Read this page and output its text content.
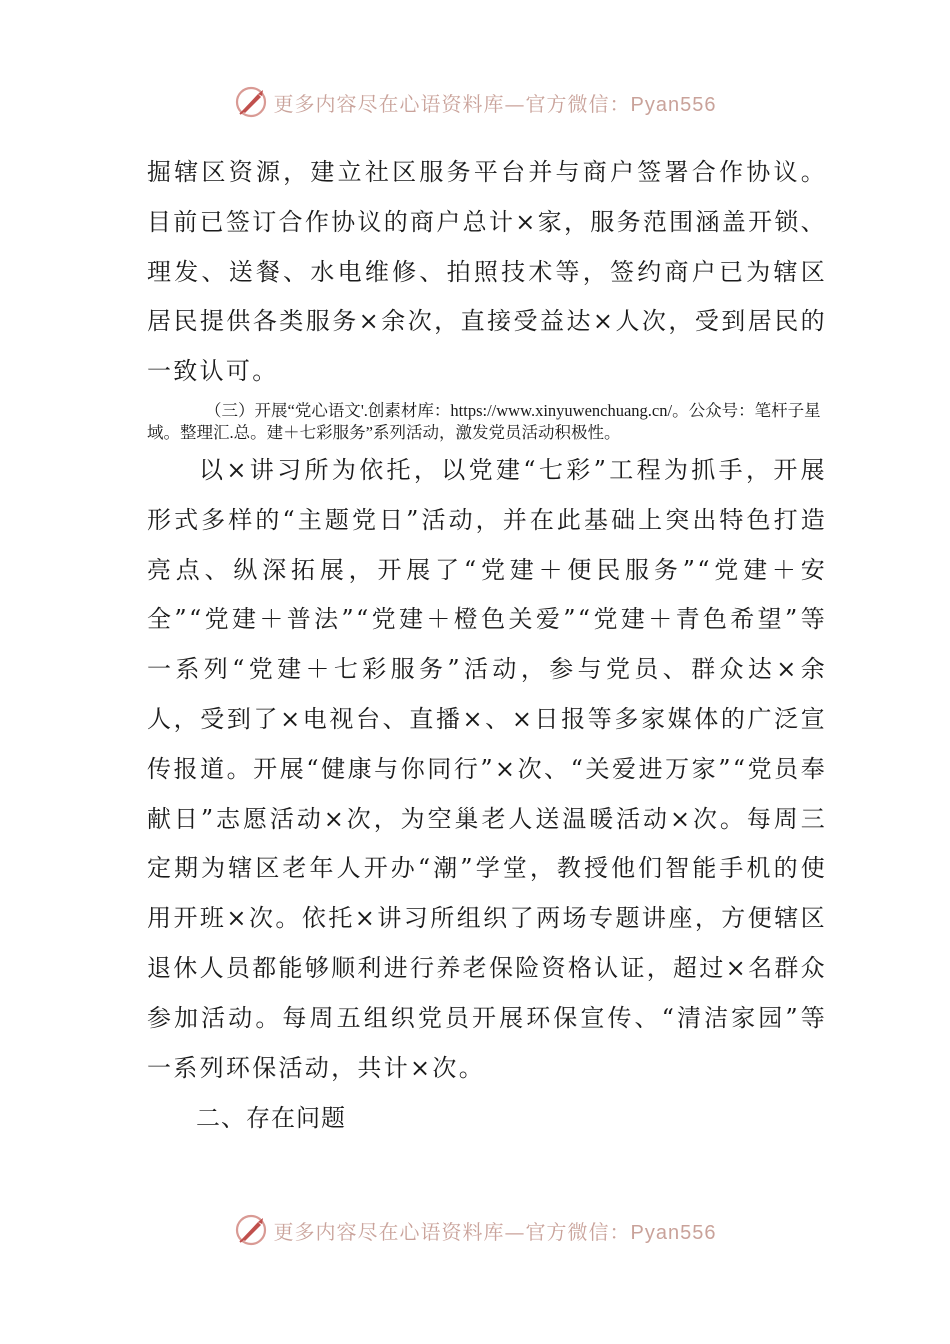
更多内容尽在心语资料库—官方微信：Pyan556

掘辖区资源，建立社区服务平台并与商户签署合作协议。目前已签订合作协议的商户总计×家，服务范围涵盖开锁、理发、送餐、水电维修、拍照技术等，签约商户已为辖区居民提供各类服务×余次，直接受益达×人次，受到居民的一致认可。

（三）开展“党心语文'.创素材库：https://www.xinyuwenchuang.cn/。公众号：笔杆子星域。整理汇.总。建＋七彩服务”系列活动，激发党员活动积极性。

以×讲习所为依托，以党建“七彩”工程为抓手，开展形式多样的“主题党日”活动，并在此基础上突出特色打造亮点、纵深拓展，开展了“党建＋便民服务”“党建＋安全”“党建＋普法”“党建＋橙色关爱”“党建＋青色希望”等一系列“党建＋七彩服务”活动，参与党员、群众达×余人，受到了×电视台、直播×、×日报等多家媒体的广泛宣传报道。开展“健康与你同行”×次、“关爱进万家”“党员奉献日”志愿活动×次，为空巢老人送温暖活动×次。每周三定期为辖区老年人开办“潮”学堂，教授他们智能手机的使用开班×次。依托×讲习所组织了两场专题讲座，方便辖区退休人员都能够顺利进行养老保险资格认证，超过×名群众参加活动。每周五组织党员开展环保宣传、“清洁家园”等一系列环保活动，共计×次。

二、存在问题

更多内容尽在心语资料库—官方微信：Pyan556
